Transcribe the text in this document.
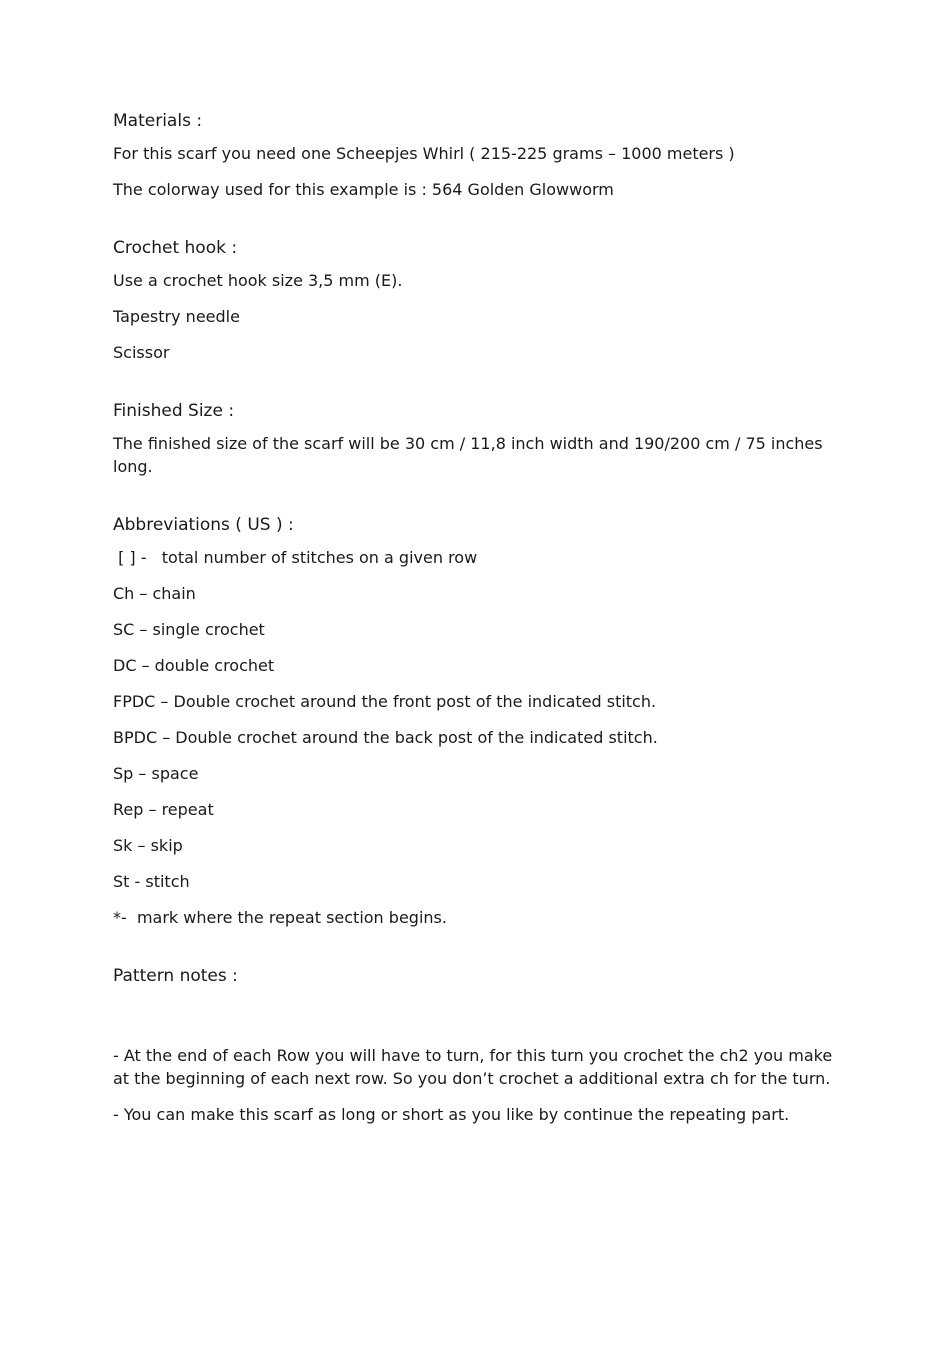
Materials :
For this scarf you need one Scheepjes Whirl ( 215-225 grams – 1000 meters )
The colorway used for this example is : 564 Golden Glowworm
Crochet hook :
Use a crochet hook size 3,5 mm (E).
Tapestry needle
Scissor
Finished Size :
The finished size of the scarf will be 30 cm / 11,8 inch width and 190/200 cm / 75 inches long.
Abbreviations ( US ) :
[ ] -   total number of stitches on a given row
Ch – chain
SC – single crochet
DC – double crochet
FPDC – Double crochet around the front post of the indicated stitch.
BPDC – Double crochet around the back post of the indicated stitch.
Sp – space
Rep – repeat
Sk – skip
St - stitch
*-  mark where the repeat section begins.
Pattern notes :
- At the end of each Row you will have to turn, for this turn you crochet the ch2 you make at the beginning of each next row. So you don’t crochet a additional extra ch for the turn.
- You can make this scarf as long or short as you like by continue the repeating part.
